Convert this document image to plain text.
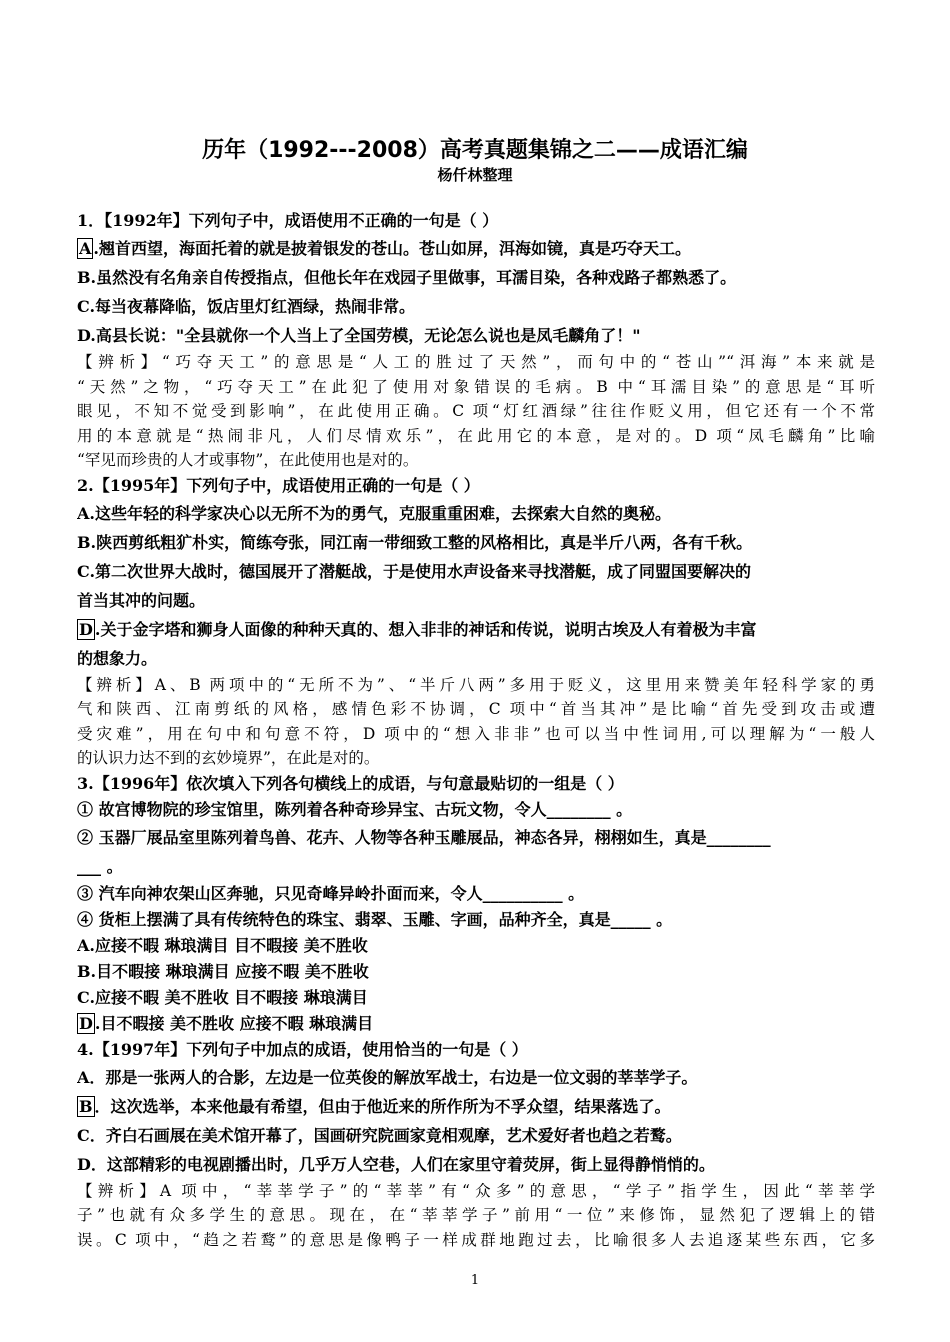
历年（1992---2008）高考真题集锦之二——成语汇编
杨仟林整理
1．【1992年】下列句子中，成语使用不正确的一句是（ ）
A .翘首西望，海面托着的就是披着银发的苍山。苍山如屏，洱海如镜，真是巧夺天工。
B.虽然没有名角亲自传授指点，但他长年在戏园子里做事，耳濡目染，各种戏路子都熟悉了。
C.每当夜幕降临，饭店里灯红酒绿，热闹非常。
D.高县长说："全县就你一个人当上了全国劳模，无论怎么说也是凤毛麟角了！"
【辨析】“巧夺天工”的意思是“人工的胜过了天然”，而句中的“苍山”“洱海”本来就是
“天然”之物，“巧夺天工”在此犯了使用对象错误的毛病。B 中“耳濡目染”的意思是“耳听
眼见，不知不觉受到影响”，在此使用正确。C 项“灯红酒绿”往往作贬义用，但它还有一个不常
用的本意就是“热闹非凡，人们尽情欢乐”，在此用它的本意，是对的。D 项“凤毛麟角”比喻
“罕见而珍贵的人才或事物”，在此使用也是对的。
2.【1995年】下列句子中，成语使用正确的一句是（ ）
A.这些年轻的科学家决心以无所不为的勇气，克服重重困难，去探索大自然的奥秘。
B.陕西剪纸粗犷朴实，简练夸张，同江南一带细致工整的风格相比，真是半斤八两，各有千秋。
C.第二次世界大战时，德国展开了潜艇战，于是使用水声设备来寻找潜艇，成了同盟国要解决的
首当其冲的问题。
D .关于金字塔和狮身人面像的种种天真的、想入非非的神话和传说，说明古埃及人有着极为丰富
的想象力。
【辨析】A、B 两项中的“无所不为”、“半斤八两”多用于贬义，这里用来赞美年轻科学家的勇
气和陕西、江南剪纸的风格，感情色彩不协调，C 项中“首当其冲”是比喻“首先受到攻击或遭
受灾难”，用在句中和句意不符，D 项中的“想入非非”也可以当中性词用,可以理解为“一般人
的认识力达不到的玄妙境界”，在此是对的。
3.【1996年】依次填入下列各句横线上的成语，与句意最贴切的一组是（ ）
① 故宫博物院的珍宝馆里，陈列着各种奇珍异宝、古玩文物，令人________ 。
② 玉器厂展品室里陈列着鸟兽、花卉、人物等各种玉雕展品，神态各异，栩栩如生，真是________
___ 。
③ 汽车向神农架山区奔驰，只见奇峰异岭扑面而来，令人__________ 。
④ 货柜上摆满了具有传统特色的珠宝、翡翠、玉雕、字画，品种齐全，真是_____ 。
A.应接不暇 琳琅满目 目不暇接 美不胜收
B.目不暇接 琳琅满目 应接不暇 美不胜收
C.应接不暇 美不胜收 目不暇接 琳琅满目
D .目不暇接 美不胜收 应接不暇 琳琅满目
4.【1997年】下列句子中加点的成语，使用恰当的一句是（ ）
A．那是一张两人的合影，左边是一位英俊的解放军战士，右边是一位文弱的莘莘学子。
B ．这次选举，本来他最有希望，但由于他近来的所作所为不孚众望，结果落选了。
C．齐白石画展在美术馆开幕了，国画研究院画家竟相观摩，艺术爱好者也趋之若鹜。
D．这部精彩的电视剧播出时，几乎万人空巷，人们在家里守着荧屏，街上显得静悄悄的。
【辨析】A 项中，“莘莘学子”的“莘莘”有“众多”的意思，“学子”指学生，因此“莘莘学
子”也就有众多学生的意思。现在，在“莘莘学子”前用“一位”来修饰，显然犯了逻辑上的错
误。C 项中，“趋之若鹜”的意思是像鸭子一样成群地跑过去，比喻很多人去追逐某些东西，它多
1
